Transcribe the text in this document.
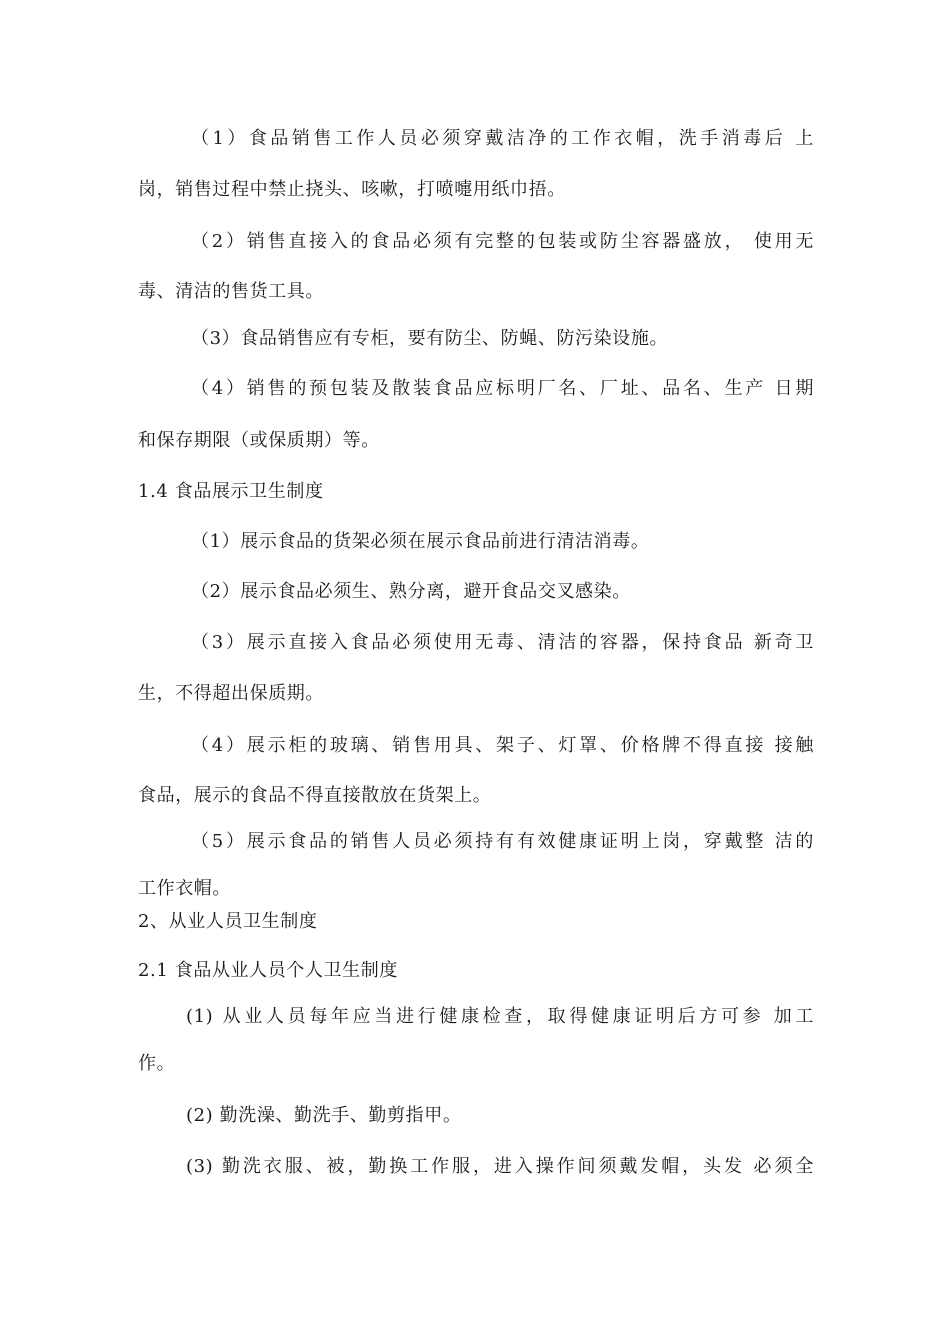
（1）食品销售工作人员必须穿戴洁净的工作衣帽，洗手消毒后 上
岗，销售过程中禁止挠头、咳嗽，打喷嚏用纸巾捂。
（2）销售直接入的食品必须有完整的包装或防尘容器盛放， 使用无
毒、清洁的售货工具。
（3）食品销售应有专柜，要有防尘、防蝇、防污染设施。
（4）销售的预包装及散装食品应标明厂名、厂址、品名、生产 日期
和保存期限（或保质期）等。
1.4 食品展示卫生制度
（1）展示食品的货架必须在展示食品前进行清洁消毒。
（2）展示食品必须生、熟分离，避开食品交叉感染。
（3）展示直接入食品必须使用无毒、清洁的容器，保持食品 新奇卫
生，不得超出保质期。
（4）展示柜的玻璃、销售用具、架子、灯罩、价格牌不得直接 接触
食品，展示的食品不得直接散放在货架上。
（5）展示食品的销售人员必须持有有效健康证明上岗，穿戴整 洁的
工作衣帽。
2、从业人员卫生制度
2.1 食品从业人员个人卫生制度
(1) 从业人员每年应当进行健康检查，取得健康证明后方可参 加工
作。
(2) 勤洗澡、勤洗手、勤剪指甲。
(3) 勤洗衣服、被，勤换工作服，进入操作间须戴发帽，头发 必须全
